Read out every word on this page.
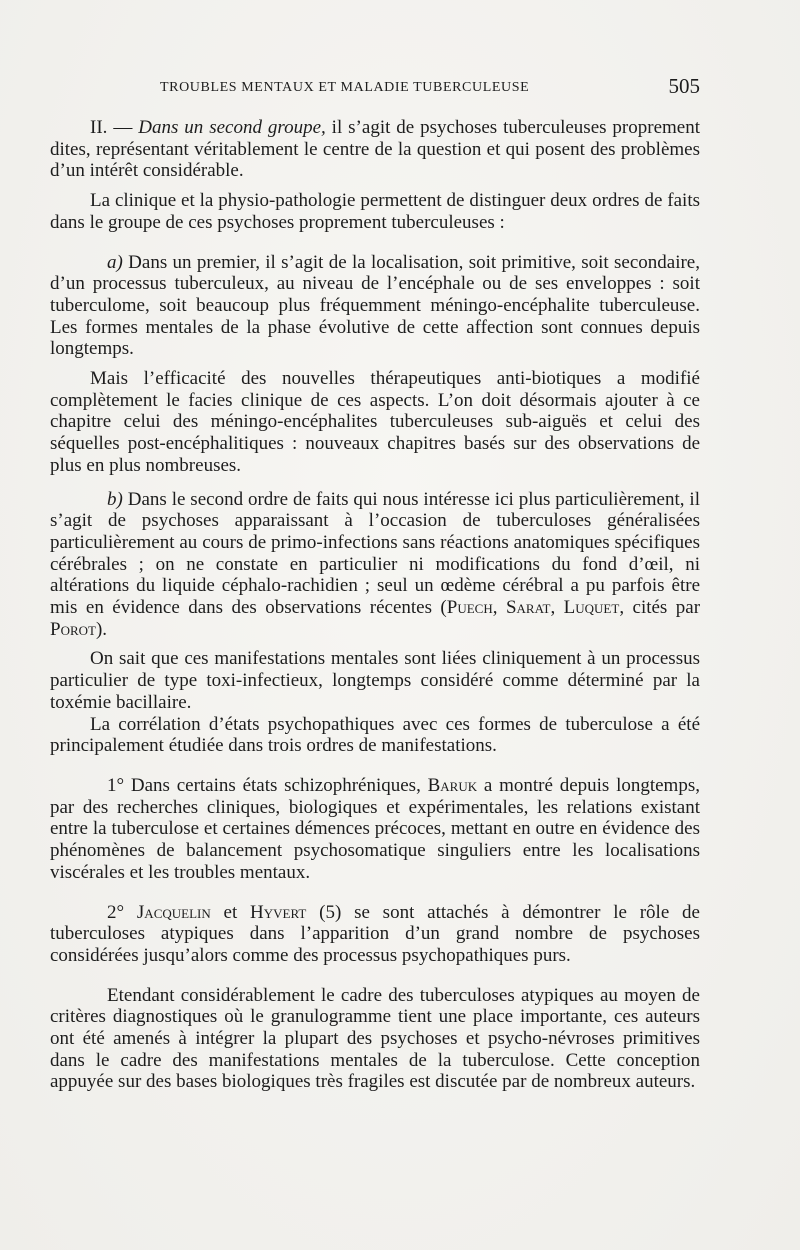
TROUBLES MENTAUX ET MALADIE TUBERCULEUSE	505

II. — Dans un second groupe, il s’agit de psychoses tuberculeuses proprement dites, représentant véritablement le centre de la question et qui posent des problèmes d’un intérêt considérable.

La clinique et la physio-pathologie permettent de distinguer deux ordres de faits dans le groupe de ces psychoses proprement tuberculeuses :

a) Dans un premier, il s’agit de la localisation, soit primitive, soit secondaire, d’un processus tuberculeux, au niveau de l’encéphale ou de ses enveloppes : soit tuberculome, soit beaucoup plus fréquemment méningo-encéphalite tuberculeuse. Les formes mentales de la phase évolutive de cette affection sont connues depuis longtemps.

Mais l’efficacité des nouvelles thérapeutiques anti-biotiques a modifié complètement le facies clinique de ces aspects. L’on doit désormais ajouter à ce chapitre celui des méningo-encéphalites tuberculeuses sub-aiguës et celui des séquelles post-encéphalitiques : nouveaux chapitres basés sur des observations de plus en plus nombreuses.

b) Dans le second ordre de faits qui nous intéresse ici plus particulièrement, il s’agit de psychoses apparaissant à l’occasion de tuberculoses généralisées particulièrement au cours de primo-infections sans réactions anatomiques spécifiques cérébrales ; on ne constate en particulier ni modifications du fond d’œil, ni altérations du liquide céphalo-rachidien ; seul un œdème cérébral a pu parfois être mis en évidence dans des observations récentes (Puech, Sarat, Luquet, cités par Porot).

On sait que ces manifestations mentales sont liées cliniquement à un processus particulier de type toxi-infectieux, longtemps considéré comme déterminé par la toxémie bacillaire.

La corrélation d’états psychopathiques avec ces formes de tuberculose a été principalement étudiée dans trois ordres de manifestations.

1° Dans certains états schizophréniques, Baruk a montré depuis longtemps, par des recherches cliniques, biologiques et expérimentales, les relations existant entre la tuberculose et certaines démences précoces, mettant en outre en évidence des phénomènes de balancement psychosomatique singuliers entre les localisations viscérales et les troubles mentaux.

2° Jacquelin et Hyvert (5) se sont attachés à démontrer le rôle de tuberculoses atypiques dans l’apparition d’un grand nombre de psychoses considérées jusqu’alors comme des processus psychopathiques purs.

Etendant considérablement le cadre des tuberculoses atypiques au moyen de critères diagnostiques où le granulogramme tient une place importante, ces auteurs ont été amenés à intégrer la plupart des psychoses et psycho-névroses primitives dans le cadre des manifestations mentales de la tuberculose. Cette conception appuyée sur des bases biologiques très fragiles est discutée par de nombreux auteurs.
